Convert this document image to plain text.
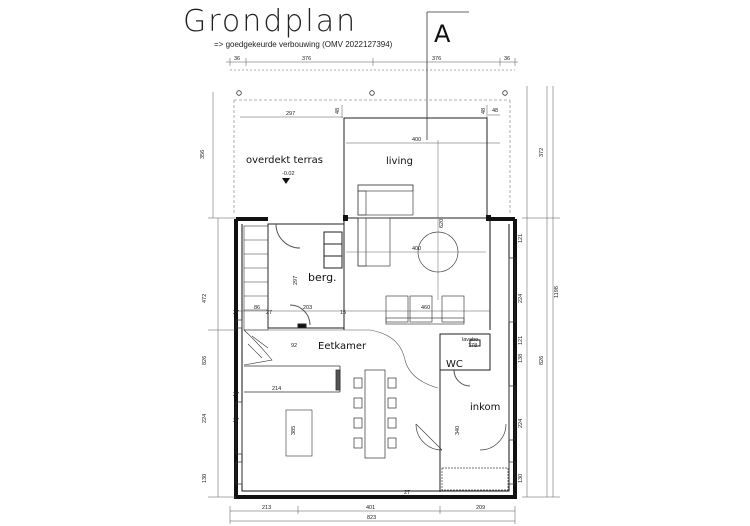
Grondplan
=> goedgekeurde verbouwing (OMV 2022127394) A
36	376	376	36
297	48	48 48
400
overdekt terras
-0.02
living
400
620
berg.
297
27
86
27
203
15
460
Eetkamer
92
214
385
lavabo
178
WC
inkom
340
372
121
224
121
138
224
130
826
1198
356
472
826
224
130
27
27
27
213	401	209
823
